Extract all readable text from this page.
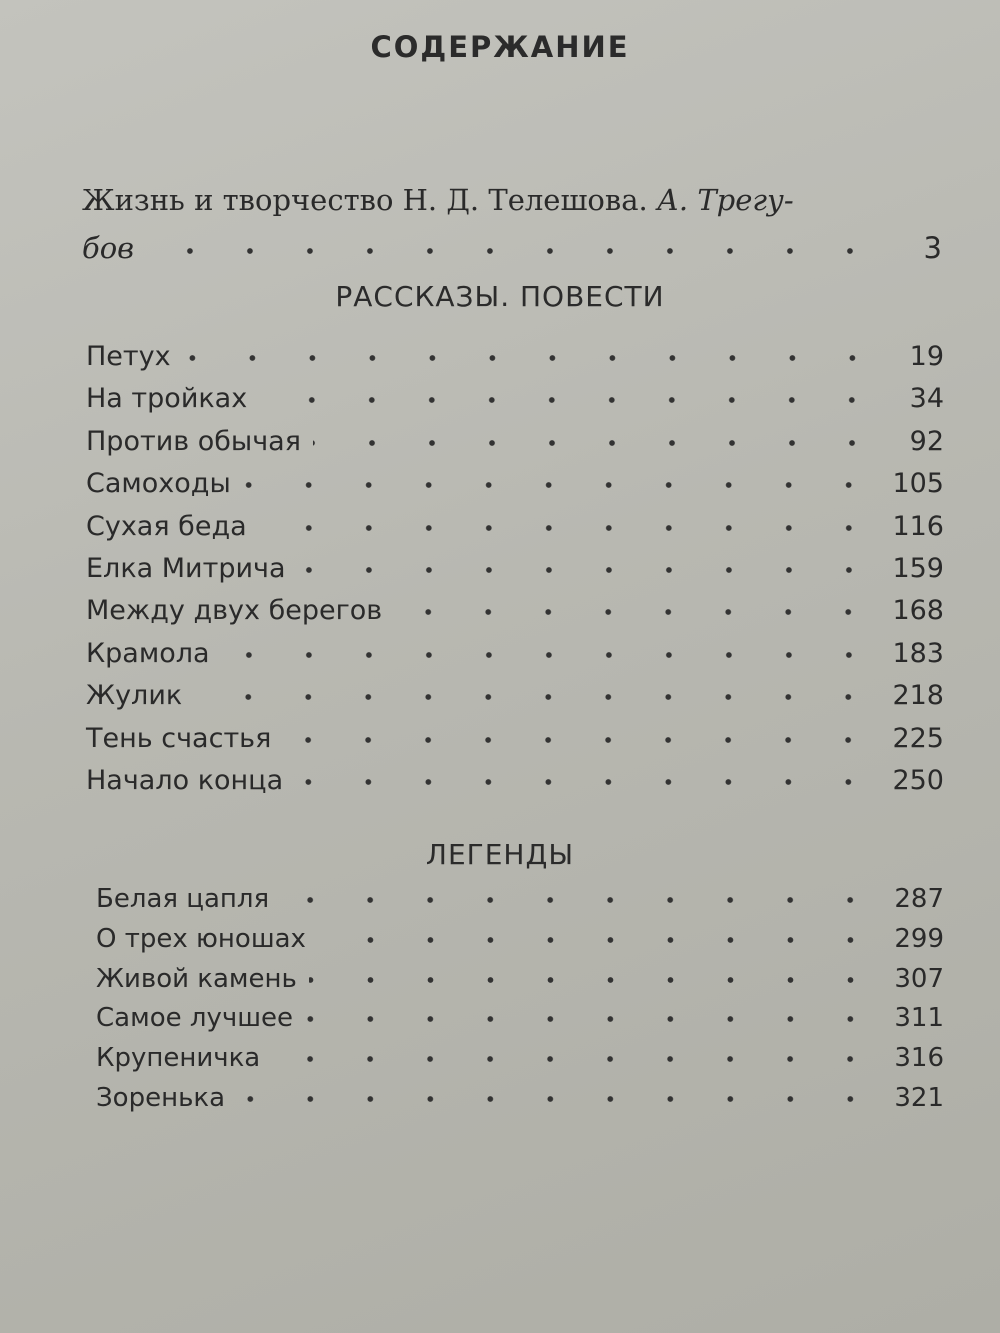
СОДЕРЖАНИЕ
Жизнь и творчество Н. Д. Телешова. А. Трегу-
бов	3
РАССКАЗЫ. ПОВЕСТИ
Петух	19
На тройках	34
Против обычая	92
Самоходы	105
Сухая беда	116
Елка Митрича	159
Между двух берегов	168
Крамола	183
Жулик	218
Тень счастья	225
Начало конца	250
ЛЕГЕНДЫ
Белая цапля	287
О трех юношах	299
Живой камень	307
Самое лучшее	311
Крупеничка	316
Зоренька	321
